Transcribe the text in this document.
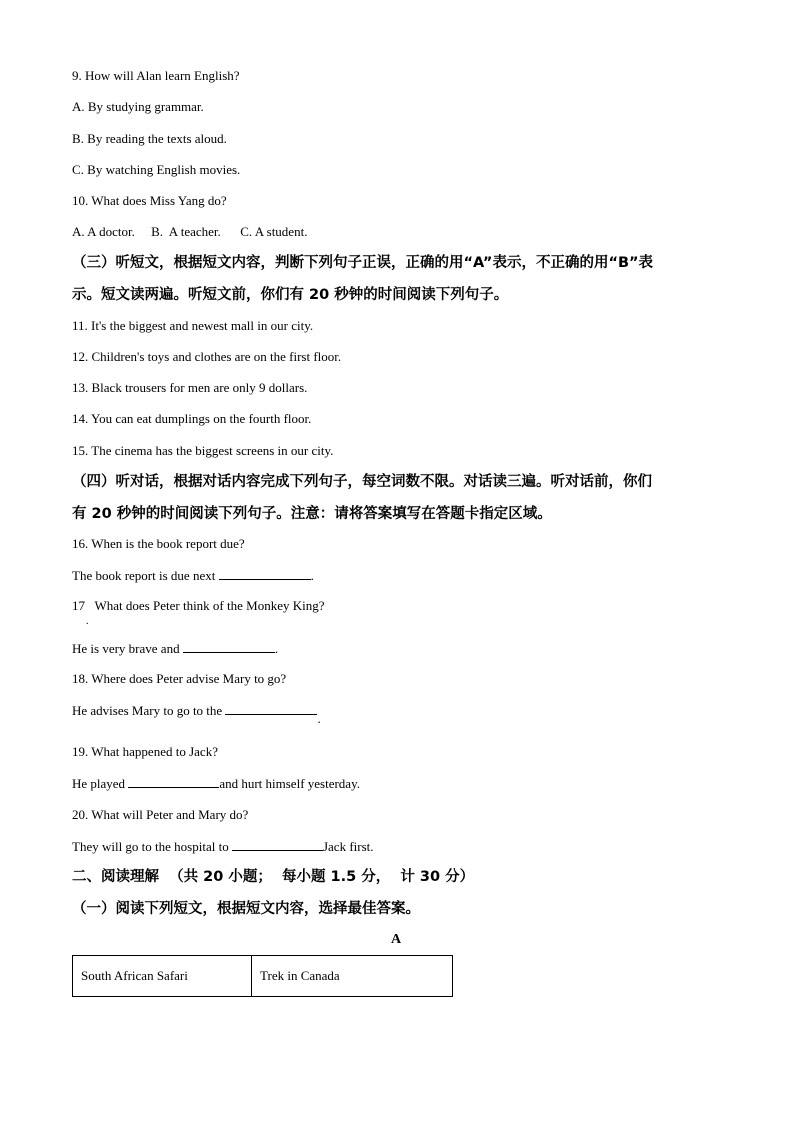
9. How will Alan learn English?
A. By studying grammar.
B. By reading the texts aloud.
C. By watching English movies.
10. What does Miss Yang do?
A. A doctor.     B.  A teacher.      C. A student.
（三）听短文，根据短文内容，判断下列句子正误，正确的用“A”表示，不正确的用“B”表
示。短文读两遍。听短文前，你们有 20 秒钟的时间阅读下列句子。
11. It's the biggest and newest mall in our city.
12. Children's toys and clothes are on the first floor.
13. Black trousers for men are only 9 dollars.
14. You can eat dumplings on the fourth floor.
15. The cinema has the biggest screens in our city.
（四）听对话，根据对话内容完成下列句子，每空词数不限。对话读三遍。听对话前，你们
有 20 秒钟的时间阅读下列句子。注意：请将答案填写在答题卡指定区域。
16. When is the book report due?
The book report is due next	.
17   What does Peter think of the Monkey King?
.
He is very brave and	.
18. Where does Peter advise Mary to go?
He advises Mary to go to the .
19. What happened to Jack?
He played	and hurt himself yesterday.
20. What will Peter and Mary do?
They will go to the hospital to	Jack first.
二、阅读理解  （共 20 小题；  每小题 1.5 分，  计 30 分）
（一）阅读下列短文，根据短文内容，选择最佳答案。
A
South African Safari	Trek in Canada
